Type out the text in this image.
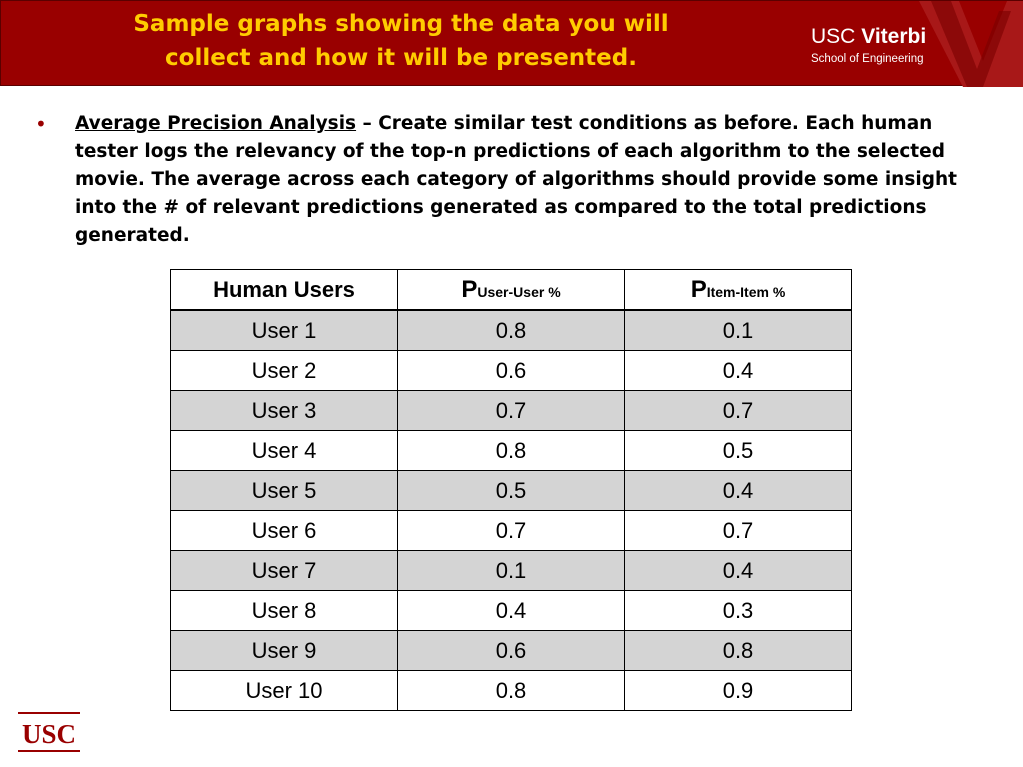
Sample graphs showing the data you will
collect and how it will be presented.
USC Viterbi
School of Engineering
• Average Precision Analysis – Create similar test conditions as before. Each human tester logs the relevancy of the top-n predictions of each algorithm to the selected movie. The average across each category of algorithms should provide some insight into the # of relevant predictions generated as compared to the total predictions generated.
Human Users	PUser-User %	PItem-Item %
User 1	0.8	0.1
User 2	0.6	0.4
User 3	0.7	0.7
User 4	0.8	0.5
User 5	0.5	0.4
User 6	0.7	0.7
User 7	0.1	0.4
User 8	0.4	0.3
User 9	0.6	0.8
User 10	0.8	0.9
USC
